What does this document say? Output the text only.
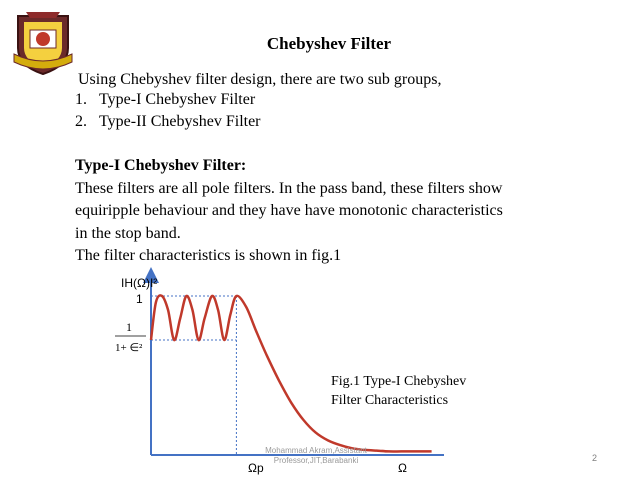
Chebyshev Filter
Using Chebyshev filter design, there are two sub groups,
1. Type-I Chebyshev Filter
2. Type-II Chebyshev Filter
Type-I Chebyshev Filter:
These filters are all pole filters. In the pass band, these filters show
equiripple behaviour and they have have monotonic characteristics
in the stop band.
The filter characteristics is shown in fig.1
IH(Ω)I²
1
1
1+ ∈²
Ωp	Ω
Fig.1 Type-I Chebyshev
Filter Characteristics
Mohammad Akram,Assistant
Professor,JIT,Barabanki	2
